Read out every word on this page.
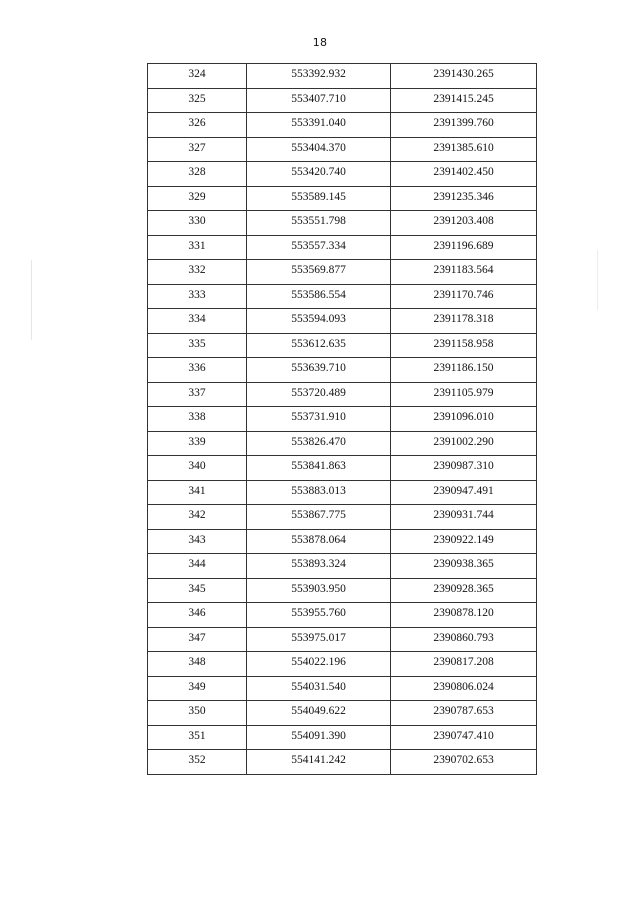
18
324	553392.932	2391430.265
325	553407.710	2391415.245
326	553391.040	2391399.760
327	553404.370	2391385.610
328	553420.740	2391402.450
329	553589.145	2391235.346
330	553551.798	2391203.408
331	553557.334	2391196.689
332	553569.877	2391183.564
333	553586.554	2391170.746
334	553594.093	2391178.318
335	553612.635	2391158.958
336	553639.710	2391186.150
337	553720.489	2391105.979
338	553731.910	2391096.010
339	553826.470	2391002.290
340	553841.863	2390987.310
341	553883.013	2390947.491
342	553867.775	2390931.744
343	553878.064	2390922.149
344	553893.324	2390938.365
345	553903.950	2390928.365
346	553955.760	2390878.120
347	553975.017	2390860.793
348	554022.196	2390817.208
349	554031.540	2390806.024
350	554049.622	2390787.653
351	554091.390	2390747.410
352	554141.242	2390702.653
